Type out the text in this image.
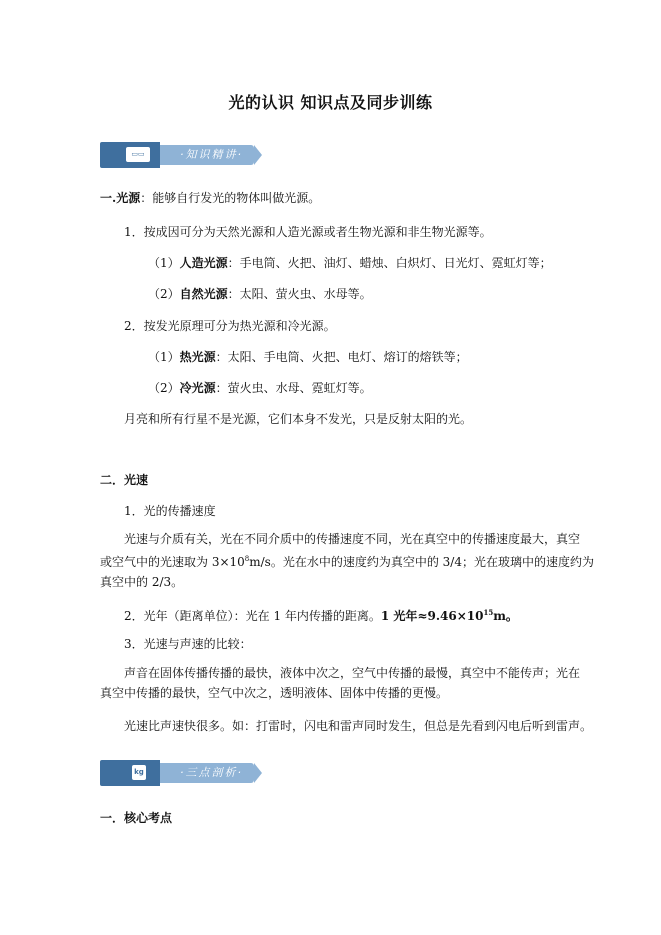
光的认识 知识点及同步训练
▭▭	·知识精讲·
一.光源：能够自行发光的物体叫做光源。
1．按成因可分为天然光源和人造光源或者生物光源和非生物光源等。
（1）人造光源：手电筒、火把、油灯、蜡烛、白炽灯、日光灯、霓虹灯等；
（2）自然光源：太阳、萤火虫、水母等。
2．按发光原理可分为热光源和冷光源。
（1）热光源：太阳、手电筒、火把、电灯、熔订的熔铁等；
（2）冷光源：萤火虫、水母、霓虹灯等。
月亮和所有行星不是光源，它们本身不发光，只是反射太阳的光。
二．光速
1．光的传播速度
光速与介质有关，光在不同介质中的传播速度不同，光在真空中的传播速度最大，真空
或空气中的光速取为 $3\times 10^8m/s$。光在水中的速度约为真空中的 3/4；光在玻璃中的速度约为
真空中的 2/3。
2．光年（距离单位）：光在 1 年内传播的距离。1 光年$\approx 9.46\times 10^{15}m$。
3．光速与声速的比较：
声音在固体传播传播的最快，液体中次之，空气中传播的最慢，真空中不能传声；光在
真空中传播的最快，空气中次之，透明液体、固体中传播的更慢。
光速比声速快很多。如：打雷时，闪电和雷声同时发生，但总是先看到闪电后听到雷声。
kg	·三点剖析·
一．核心考点
